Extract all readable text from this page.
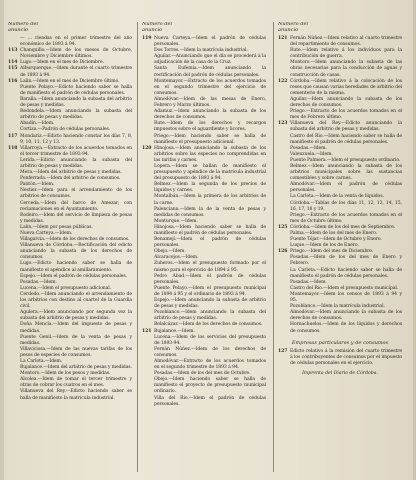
Número del anuncio
— ... riendas en el primer trimestre del año económico de 1893 á 94.
113 Chanquillo.—Idem de los meses de Octubre, Noviembre y Diciembre últimos.
114 Lugo.—Idem en el mes de Diciembre.
115 Alburquerque.—Idem durante el cuarto trimestre de 1893 á 94.
116 Lalin.—Idem en el mes de Diciembre último.
Puente Pelayo.—Edicto haciendo saber se halla de manifiesto el padrón de cédulas personales.
Baralla.—Idem anunciando la subasta del arbitrio de pesas y medidas.
Redondela.—Idem anunciando la subasta del arbitrio de pesas y medidas.
Abadín.—Idem.
Cortiza.—Padrón de cédulas personales.
117 Mondariz.—Edicto haciendo constar los días 7, 8, 9, 10, 11, 12 y 13.
118 Villarroya.—Extracto de los acuerdos tomados en el tercer trimestre de 1893-94.
Lerida.—Edicto anunciando la subasta del arbitrio de pesas y medidas.
Mera.—Idem del arbitrio de pesas y medidas.
Ponferrada.—Idem del arbitrio de consumos.
Pantón.—Idem.
Nestier.—Idem para el arrendamiento de los arbitrios de consumos.
Cerceda.—Idem del barco de Amezar, con reclamaciones en el Ayuntamiento.
Rodeiro.—Idem del servicio de limpieza de pesas y medidas.
Lalin.—Idem por pesas públicas.
Nueva Carteya.—Idem.
Villagarcía.—Idem de los derechos de consumos.
Villanueva de Córdoba.—Rectificación del edicto anunciando la subasta de los derechos de consumos.
Lugo.—Edicto haciendo saber se halla de manifiesto el apéndice al amillaramiento.
Espejo.—Idem el padrón de cédulas personales.
Posadas.—Idem.
Lucena.—Idem el presupuesto adicional.
Cerdedo.—Idem anunciando el arrendamiento de los arbitrios con destino al cuartel de la Guardia civil.
Agulera.—Idem anunciando por segunda vez la subasta del arbitrio de pesas y medidas.
Doña Mencía.—Idem del impuesto de pesas y medidas.
Puente Genil.—Idem de la venta de pesas y medidas.
Villaviciosa.—Idem de las nuevas tarifas de los pesos de especies de consumos.
La Carlota.—Idem.
Bujalance.—Idem del arbitrio de pesas y medidas.
Montoro.—Idem de los pesos y medidas.
Alcolea.—Idem de tomar el tercer trimestre y otras de cobrar los cuatros en el mes.
Villanueva del Rey.—Edicto haciendo saber se halla de manifiesto la matrícula industrial.
Número del anuncio
119 Nueva Carteya.—Idem el padrón de cédulas personales.
Dos Torres.—Idem la matrícula industrial.
Aguilar.—Anunciando que el día se procederá á la adjudicación de la casa de la Cruz.
Santa Eufemia.—Idem anunciando la rectificación del padrón de cédulas personales.
Montemayor.—Extracto de los acuerdos tomados en el segundo trimestre del ejercicio de consumos.
Almodóvar.—Idem de las mesas de Enero, Febrero y Marzo últimos.
Adamuz.—Idem anunciando la subasta de los derechos de consumos.
Rute.—Idem de los derechos y recargos impuestos sobre el aguardiente y licores.
Priego.—Idem haciendo saber se halla de manifiesto el presupuesto adicional.
120 Hinojosa.—Idem anunciando la subasta de los arbitrios sobre las especies no comprendidas en las tarifas y carnes.
Lopera.—Idem se hallan de manifiesto el presupuesto y apéndice de la matrícula industrial del presupuesto de 1893 á 94.
Belmez.—Idem la segunda de los precios de líquidos y carnes.
Montalbán.—Idem la primera de los arbitrios de la carne.
Palenciana.—Idem la de la venta de pesas y medidas de consumos.
Monturque.—Idem.
Hinojosa.—Idem haciendo saber se halla de manifiesto el padrón de cédulas personales.
Benamejí.—Idem el padrón de cédulas personales.
Obejo.—Idem.
Alcaracejos.—Idem.
Zuheros.—Idem el presupuesto formado por el mismo para el ejercicio de 1894 á 95.
Pedro Abad.—Idem el padrón de cédulas personales.
Puente Pelayo.—Idem el presupuesto municipal de 1894 á 95 y el ordinario de 1893 á 94.
Espejo.—Idem anunciando la subasta de arbitrio de pesas y medidas.
Pozoblanco.—Idem anunciando la subasta del arbitrio de pesas y medidas.
Belalcázar.—Idem de los derechos de consumos.
121 Bujalance.—Idem.
Lucena.—Idem de los servicios del presupuesto de 1893-94.
Fernán Núñez.—Idem de los derechos de consumos.
Almodóvar.—Extracto de los acuerdos tomados en el segundo trimestre de 1893 á 94.
Posadas.—Idem de los del mes de Octubre.
Obejo.—Idem haciendo saber se halla de manifiesto el proyecto de presupuesto municipal ordinario.
Villa del Rio.—Idem el padrón de cédulas personales.
Número del anuncio
121 Fernán Núñez.—Idem relativo al cuarto trimestre del repartimiento de consumos.
Rute.—Idem relativo á los individuos para la contribución de guerra.
Montoro.—Idem anunciando la subasta de las obras necesarias para la conducción de aguas y construcción de casas.
122 Córdoba.—Idem relativo á la colocación de los reses que causan varias heredades de arbitrio del cementerio de la misma.
Aguilar.—Idem anunciando la subasta de los derechos de consumos.
Priego.—Extracto de los acuerdos tomados en el mes de Febrero último.
123 Villanueva del Rey.—Edicto anunciando la subasta del arbitrio de pesas y medidas.
Castro del Rio.—Idem haciendo saber se halla de manifiesto el padrón de cédulas personales.
Posadas.—Idem.
Valenzuela.—Idem.
Puente Palmera.—Idem el presupuesto ordinario.
Belmez.—Idem anunciando la subasta de los arbitrios municipales sobre las sustancias comestibles y sobre carnes.
Almodóvar.—Idem el padrón de cédulas personales.
La Carlota.—Idem de la venta de líquidos.
Córdoba.—Tablas de los días 11, 12, 13, 14, 15, 16, 17, 18 y 19.
Priego.—Extracto de los acuerdos tomados en el mes de Octubre último.
125 Córdoba.—Idem de los del mes de Septiembre.
Palma.—Idem de los del mes de Enero.
Fuente Tójar.—Idem de Octubre y Enero.
Luque.—Idem de los de Enero.
126 Priego.—Idem del mes de Diciembre.
Posadas.—Idem de los del mes de Enero y Febrero.
La Carlota.—Edicto haciendo saber se halla de manifiesto el padrón de cédulas personales.
Posadas.—Idem.
Castro del Rio.—Idem el presupuesto municipal.
Montemayor.—Idem los censos de 1893 á 94 y 95.
Pozoblanco.—Idem la matrícula industrial.
Almodóvar.—Idem anunciando la subasta de los derechos de consumos.
Hornachuelos.—Idem de los líquidos y derechos de consumos.
Empresas particulares y de consumos
127 Edicto relativo á la remisión del cuarto trimestre á los contribuyentes de consumos por el impuesto de cédulas personales en el ejercicio.
Imprenta del Diario de Córdoba.
